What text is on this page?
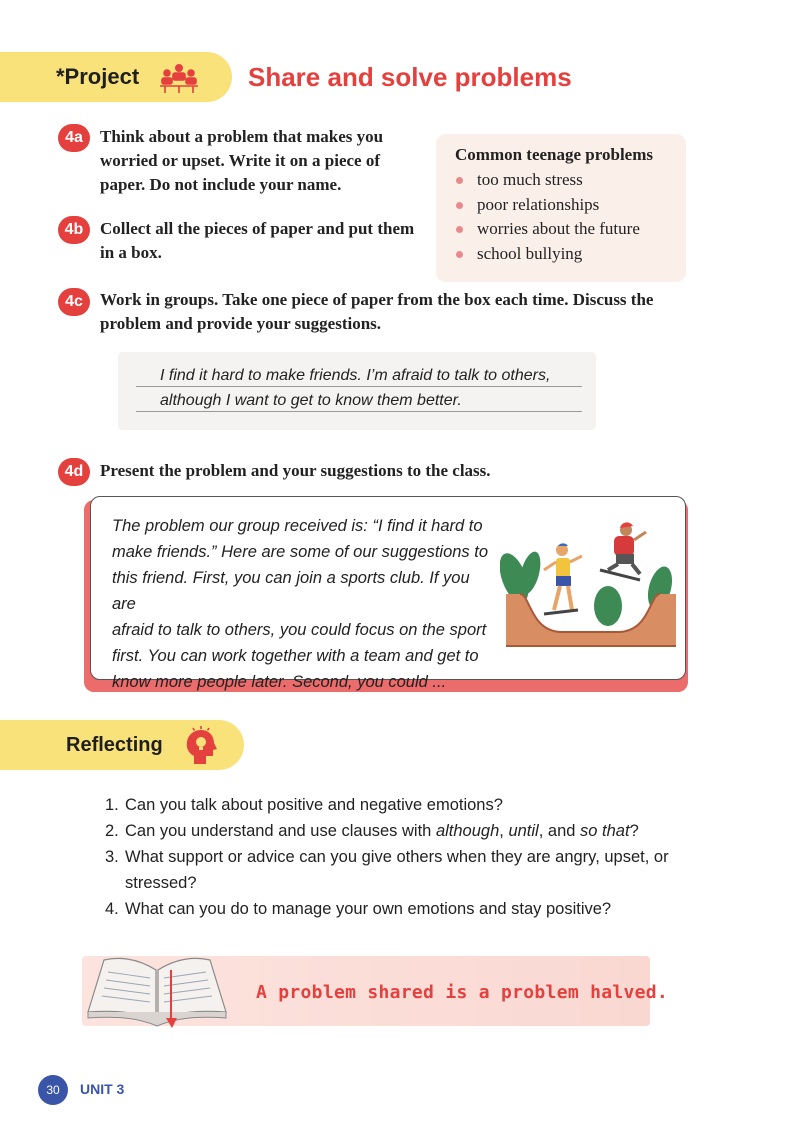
*Project	Share and solve problems
4a	Think about a problem that makes you
worried or upset. Write it on a piece of
paper. Do not include your name.
4b Collect all the pieces of paper and put them
in a box.
Common teenage problems
too much stress
poor relationships
worries about the future
school bullying
4c	Work in groups. Take one piece of paper from the box each time. Discuss the
problem and provide your suggestions.
I find it hard to make friends. I’m afraid to talk to others,
although I want to get to know them better.
4d Present the problem and your suggestions to the class.
The problem our group received is: “I find it hard to
make friends.” Here are some of our suggestions to
this friend. First, you can join a sports club. If you are
afraid to talk to others, you could focus on the sport
first. You can work together with a team and get to
know more people later. Second, you could ...
Reflecting
1. Can you talk about positive and negative emotions?
2. Can you understand and use clauses with although, until, and so that?
3. What support or advice can you give others when they are angry, upset, or
stressed?
4. What can you do to manage your own emotions and stay positive?
A problem shared is a problem halved.
30	UNIT 3
